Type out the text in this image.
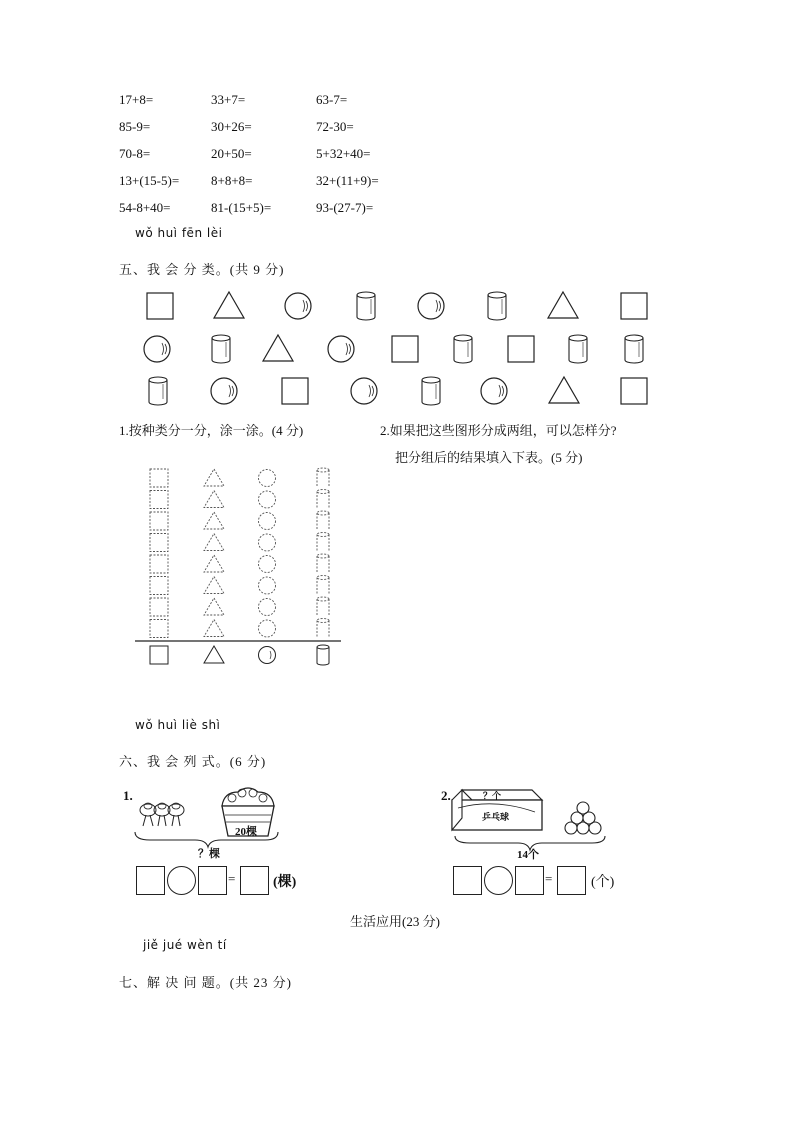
17+8=	33+7=	63-7=
85-9=	30+26=	72-30=
70-8=	20+50=	5+32+40=
13+(15-5)= 8+8+8=	32+(11+9)=
54-8+40=	81-(15+5)=	93-(27-7)=
wǒ huì fēn lèi
五、我 会 分 类。(共 9 分)
1.按种类分一分，涂一涂。(4 分)	2.如果把这些图形分成两组，可以怎样分?
把分组后的结果填入下表。(5 分)
wǒ huì liè shì
六、我 会 列 式。(6 分)
1.
20棵
？棵
2.	？个
乒乓球
14个
=	(棵)	=	(个)
生活应用(23 分)
jiě jué wèn tí
七、解 决 问 题。(共 23 分)
